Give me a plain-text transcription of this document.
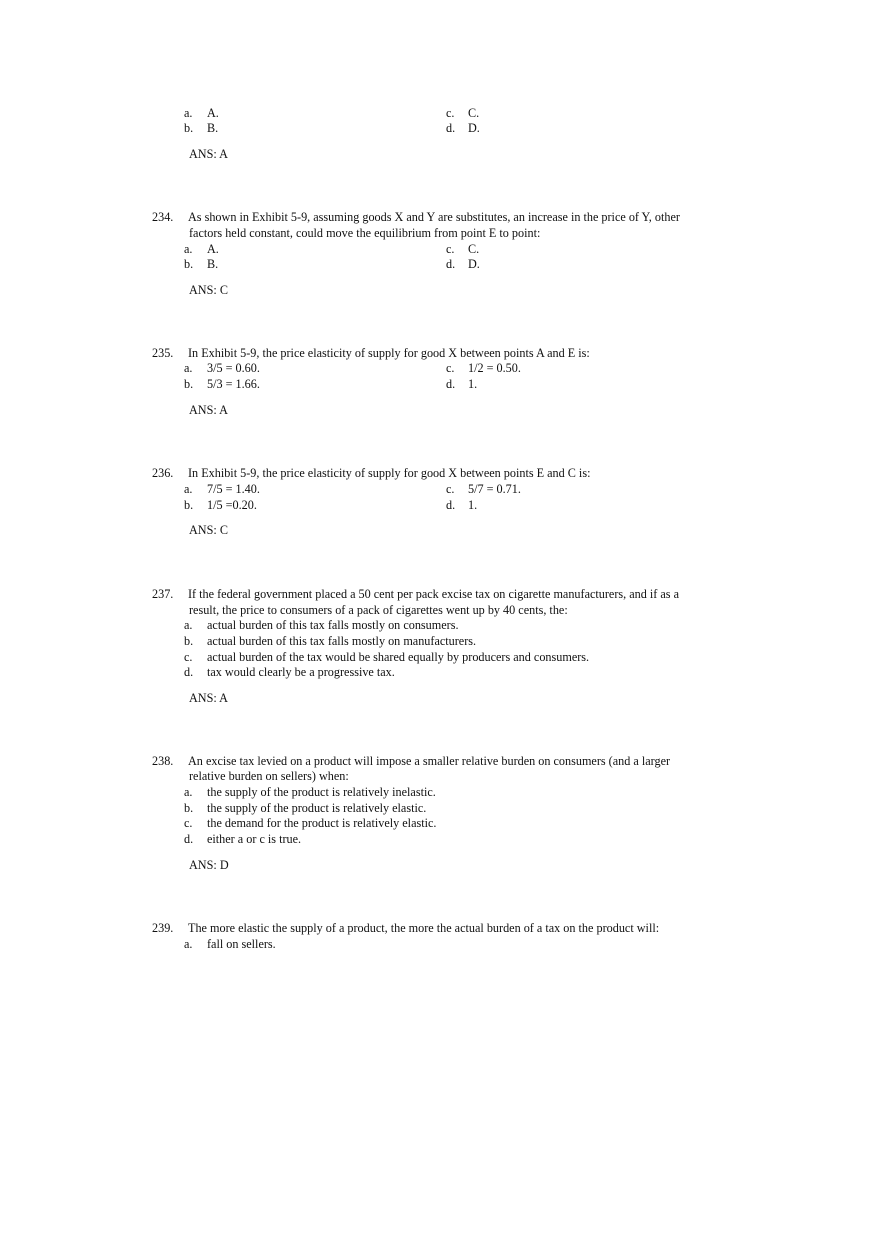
a. A.	c. C.
b. B.	d. D.
ANS: A
234. As shown in Exhibit 5-9, assuming goods X and Y are substitutes, an increase in the price of Y, other
factors held constant, could move the equilibrium from point E to point:
a. A.	c. C.
b. B.	d. D.
ANS: C
235. In Exhibit 5-9, the price elasticity of supply for good X between points A and E is:
a. 3/5 = 0.60.	c. 1/2 = 0.50.
b. 5/3 = 1.66.	d. 1.
ANS: A
236. In Exhibit 5-9, the price elasticity of supply for good X between points E and C is:
a. 7/5 = 1.40.	c. 5/7 = 0.71.
b. 1/5 =0.20.	d. 1.
ANS: C
237. If the federal government placed a 50 cent per pack excise tax on cigarette manufacturers, and if as a
result, the price to consumers of a pack of cigarettes went up by 40 cents, the:
a. actual burden of this tax falls mostly on consumers.
b. actual burden of this tax falls mostly on manufacturers.
c. actual burden of the tax would be shared equally by producers and consumers.
d. tax would clearly be a progressive tax.
ANS: A
238. An excise tax levied on a product will impose a smaller relative burden on consumers (and a larger
relative burden on sellers) when:
a. the supply of the product is relatively inelastic.
b. the supply of the product is relatively elastic.
c. the demand for the product is relatively elastic.
d. either a or c is true.
ANS: D
239. The more elastic the supply of a product, the more the actual burden of a tax on the product will:
a. fall on sellers.
